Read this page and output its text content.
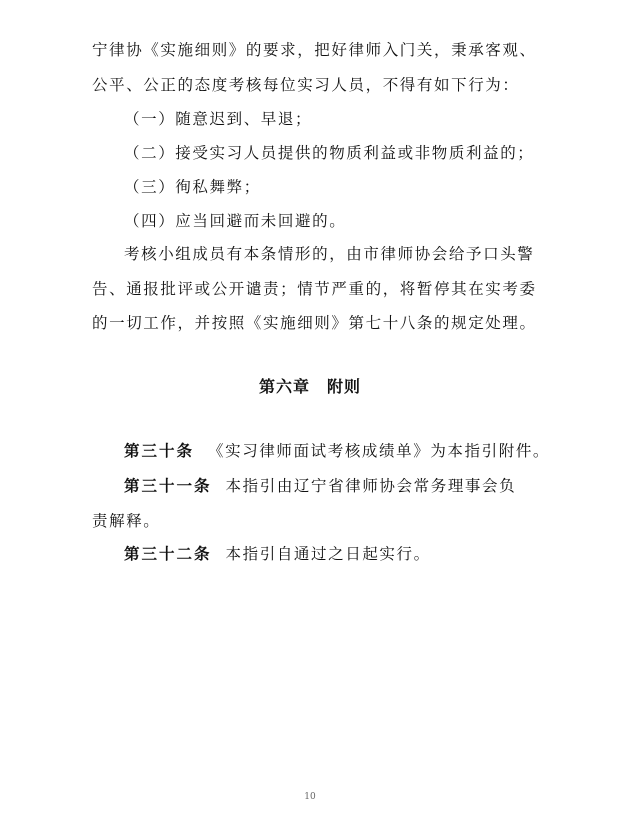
宁律协《实施细则》的要求，把好律师入门关，秉承客观、
公平、公正的态度考核每位实习人员，不得有如下行为：
（一）随意迟到、早退；
（二）接受实习人员提供的物质利益或非物质利益的；
（三）徇私舞弊；
（四）应当回避而未回避的。
考核小组成员有本条情形的，由市律师协会给予口头警
告、通报批评或公开谴责；情节严重的，将暂停其在实考委
的一切工作，并按照《实施细则》第七十八条的规定处理。
第六章　附则
第三十条 《实习律师面试考核成绩单》为本指引附件。
第三十一条 本指引由辽宁省律师协会常务理事会负
责解释。
第三十二条 本指引自通过之日起实行。
10
